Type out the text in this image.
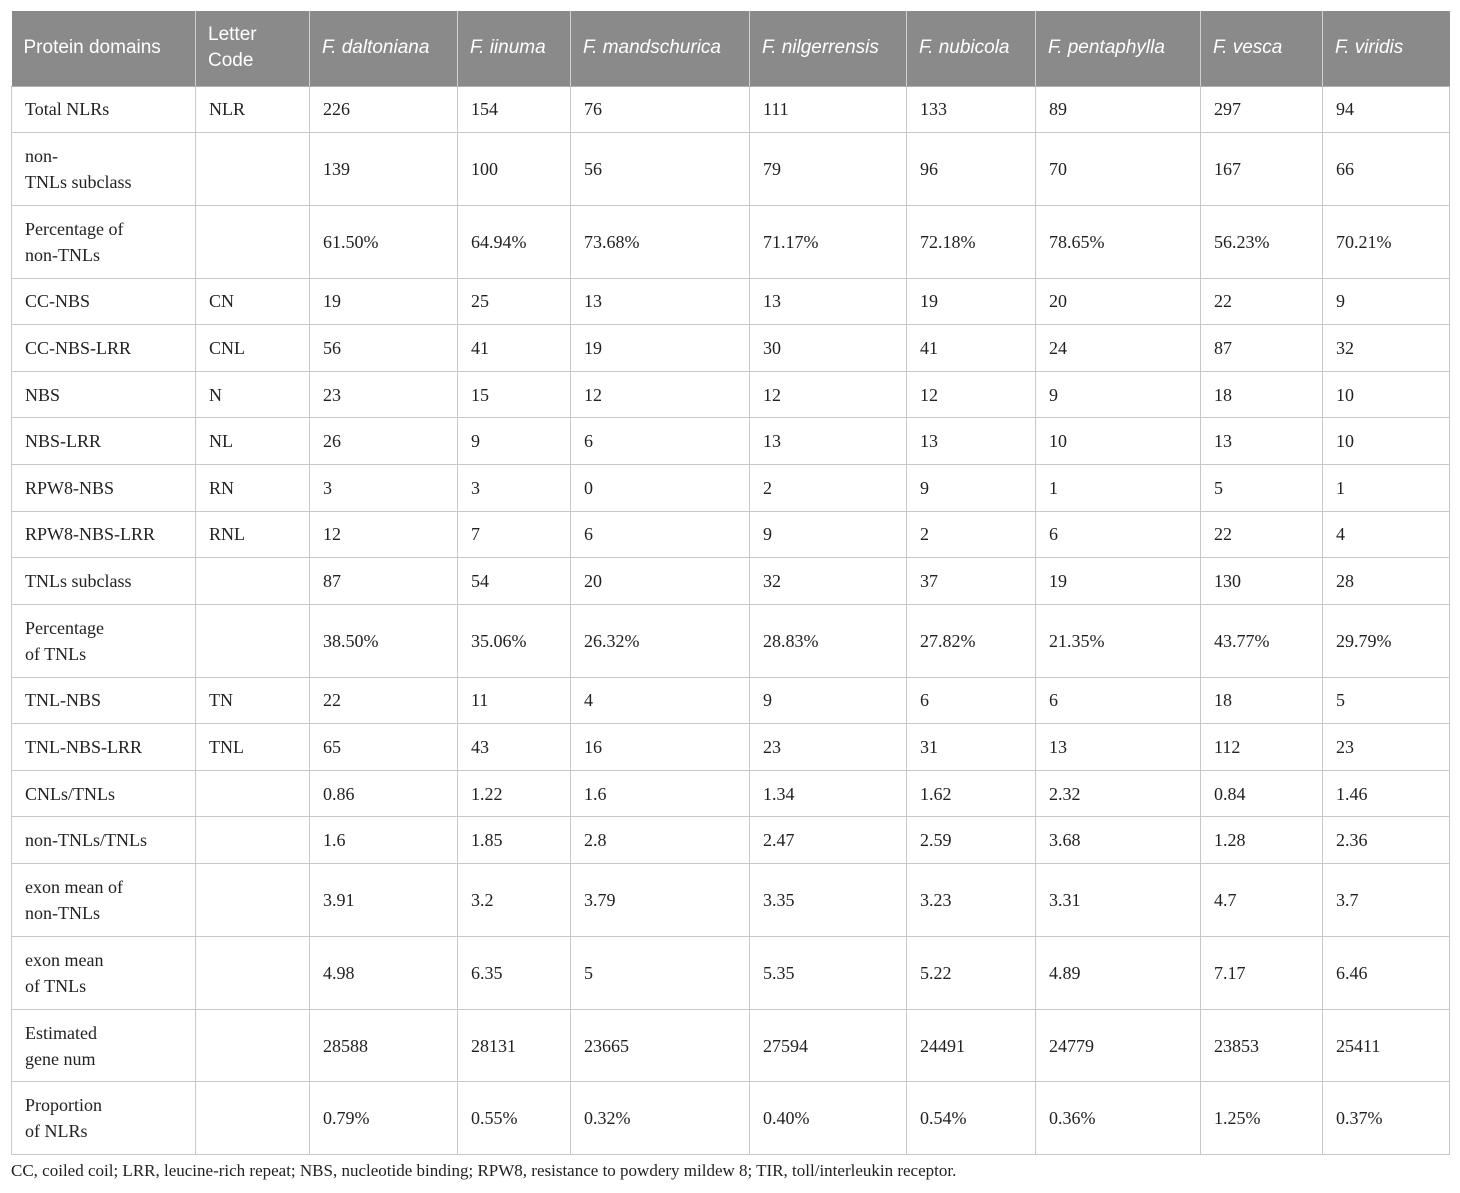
Protein domains	Letter Code	F. daltoniana	F. iinuma	F. mandschurica	F. nilgerrensis	F. nubicola	F. pentaphylla	F. vesca	F. viridis
Total NLRs	NLR	226	154	76	111	133	89	297	94
non-
TNLs subclass		139	100	56	79	96	70	167	66
Percentage of
non-TNLs		61.50%	64.94%	73.68%	71.17%	72.18%	78.65%	56.23%	70.21%
CC-NBS	CN	19	25	13	13	19	20	22	9
CC-NBS-LRR	CNL	56	41	19	30	41	24	87	32
NBS	N	23	15	12	12	12	9	18	10
NBS-LRR	NL	26	9	6	13	13	10	13	10
RPW8-NBS	RN	3	3	0	2	9	1	5	1
RPW8-NBS-LRR	RNL	12	7	6	9	2	6	22	4
TNLs subclass		87	54	20	32	37	19	130	28
Percentage
of TNLs		38.50%	35.06%	26.32%	28.83%	27.82%	21.35%	43.77%	29.79%
TNL-NBS	TN	22	11	4	9	6	6	18	5
TNL-NBS-LRR	TNL	65	43	16	23	31	13	112	23
CNLs/TNLs		0.86	1.22	1.6	1.34	1.62	2.32	0.84	1.46
non-TNLs/TNLs		1.6	1.85	2.8	2.47	2.59	3.68	1.28	2.36
exon mean of
non-TNLs		3.91	3.2	3.79	3.35	3.23	3.31	4.7	3.7
exon mean
of TNLs		4.98	6.35	5	5.35	5.22	4.89	7.17	6.46
Estimated
gene num		28588	28131	23665	27594	24491	24779	23853	25411
Proportion
of NLRs		0.79%	0.55%	0.32%	0.40%	0.54%	0.36%	1.25%	0.37%
CC, coiled coil; LRR, leucine-rich repeat; NBS, nucleotide binding; RPW8, resistance to powdery mildew 8; TIR, toll/interleukin receptor.
